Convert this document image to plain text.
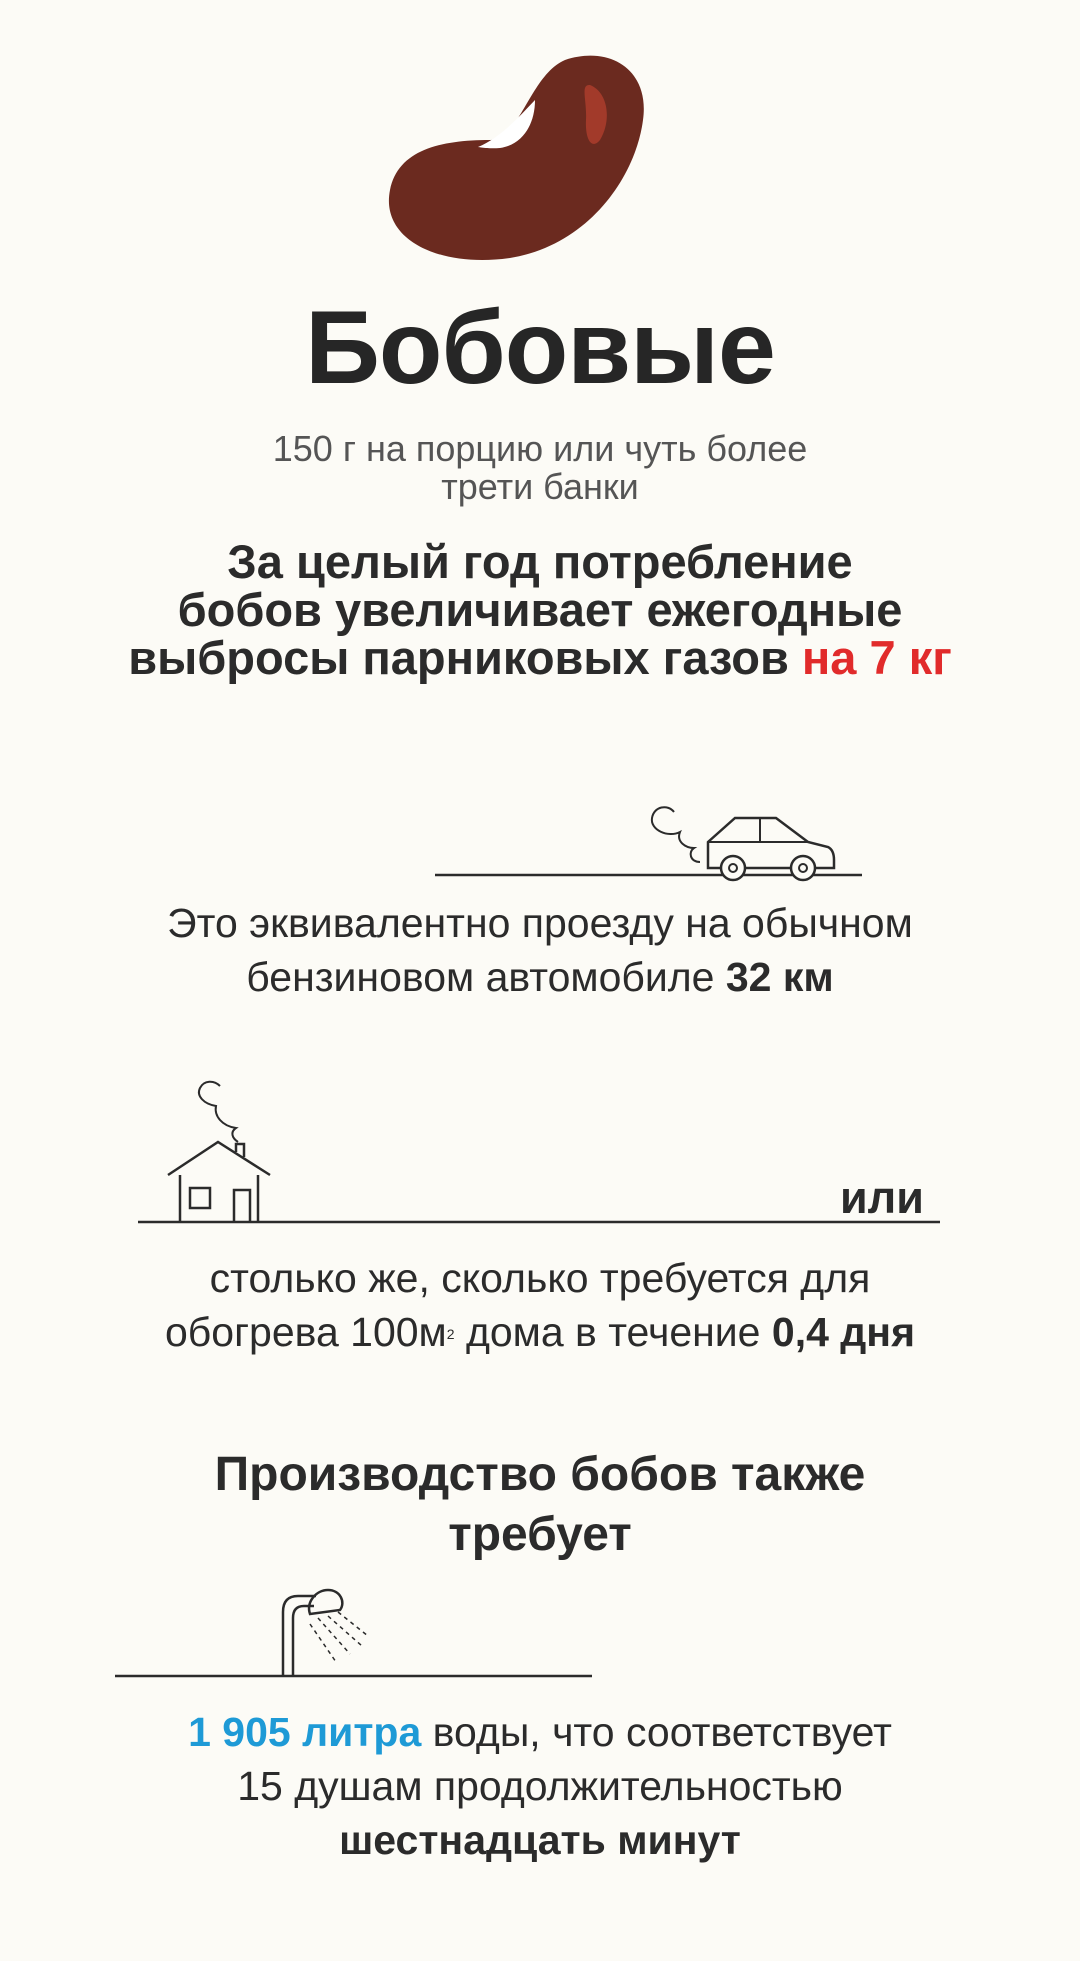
Бобовые
150 г на порцию или чуть более
трети банки
За целый год потребление
бобов увеличивает ежегодные
выбросы парниковых газов на 7 кг
Это эквивалентно проезду на обычном
бензиновом автомобиле 32 км
или
столько же, сколько требуется для
обогрева $100м^2$ дома в течение 0,4 дня
Производство бобов также
требует
1 905 литра воды, что соответствует
15 душам продолжительностью
шестнадцать минут
